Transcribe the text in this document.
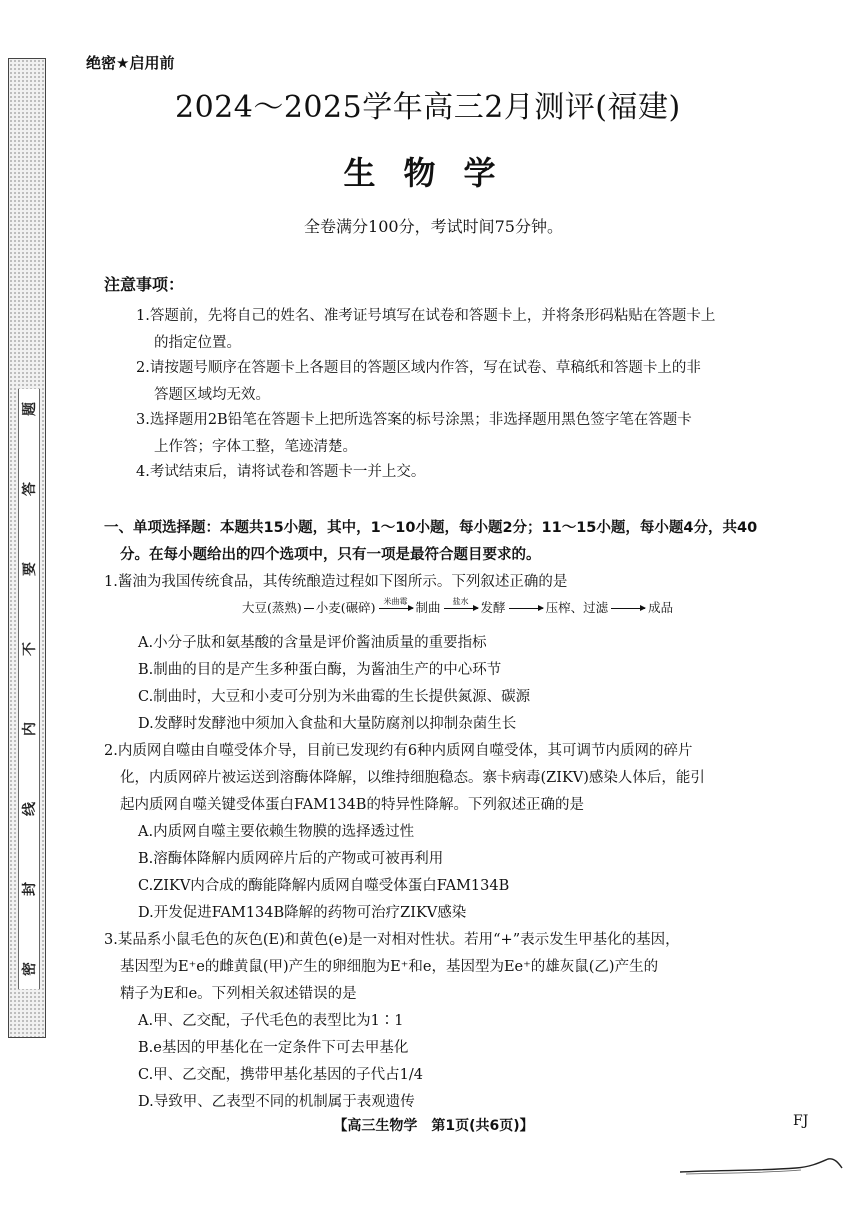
密
封
线
内
不
要
答
题
绝密★启用前
2024～2025学年高三2月测评(福建)
生物学
全卷满分100分，考试时间75分钟。
注意事项：
1.答题前，先将自己的姓名、准考证号填写在试卷和答题卡上，并将条形码粘贴在答题卡上
的指定位置。
2.请按题号顺序在答题卡上各题目的答题区域内作答，写在试卷、草稿纸和答题卡上的非
答题区域均无效。
3.选择题用2B铅笔在答题卡上把所选答案的标号涂黑；非选择题用黑色签字笔在答题卡
上作答；字体工整，笔迹清楚。
4.考试结束后，请将试卷和答题卡一并上交。
一、单项选择题：本题共15小题，其中，1～10小题，每小题2分；11～15小题，每小题4分，共40
分。在每小题给出的四个选项中，只有一项是最符合题目要求的。
1.酱油为我国传统食品，其传统酿造过程如下图所示。下列叙述正确的是
大豆(蒸熟) 小麦(碾碎)	米曲霉 制曲	盐水 发酵	压榨、过滤	成品
A.小分子肽和氨基酸的含量是评价酱油质量的重要指标
B.制曲的目的是产生多种蛋白酶，为酱油生产的中心环节
C.制曲时，大豆和小麦可分别为米曲霉的生长提供氮源、碳源
D.发酵时发酵池中须加入食盐和大量防腐剂以抑制杂菌生长
2.内质网自噬由自噬受体介导，目前已发现约有6种内质网自噬受体，其可调节内质网的碎片
化，内质网碎片被运送到溶酶体降解，以维持细胞稳态。寨卡病毒(ZIKV)感染人体后，能引
起内质网自噬关键受体蛋白FAM134B的特异性降解。下列叙述正确的是
A.内质网自噬主要依赖生物膜的选择透过性
B.溶酶体降解内质网碎片后的产物或可被再利用
C.ZIKV内合成的酶能降解内质网自噬受体蛋白FAM134B
D.开发促进FAM134B降解的药物可治疗ZIKV感染
3.某品系小鼠毛色的灰色(E)和黄色(e)是一对相对性状。若用“+”表示发生甲基化的基因，
基因型为E⁺e的雌黄鼠(甲)产生的卵细胞为E⁺和e，基因型为Ee⁺的雄灰鼠(乙)产生的
精子为E和e。下列相关叙述错误的是
A.甲、乙交配，子代毛色的表型比为1∶1
B.e基因的甲基化在一定条件下可去甲基化
C.甲、乙交配，携带甲基化基因的子代占1/4
D.导致甲、乙表型不同的机制属于表观遗传
【高三生物学　第1页(共6页)】	FJ
